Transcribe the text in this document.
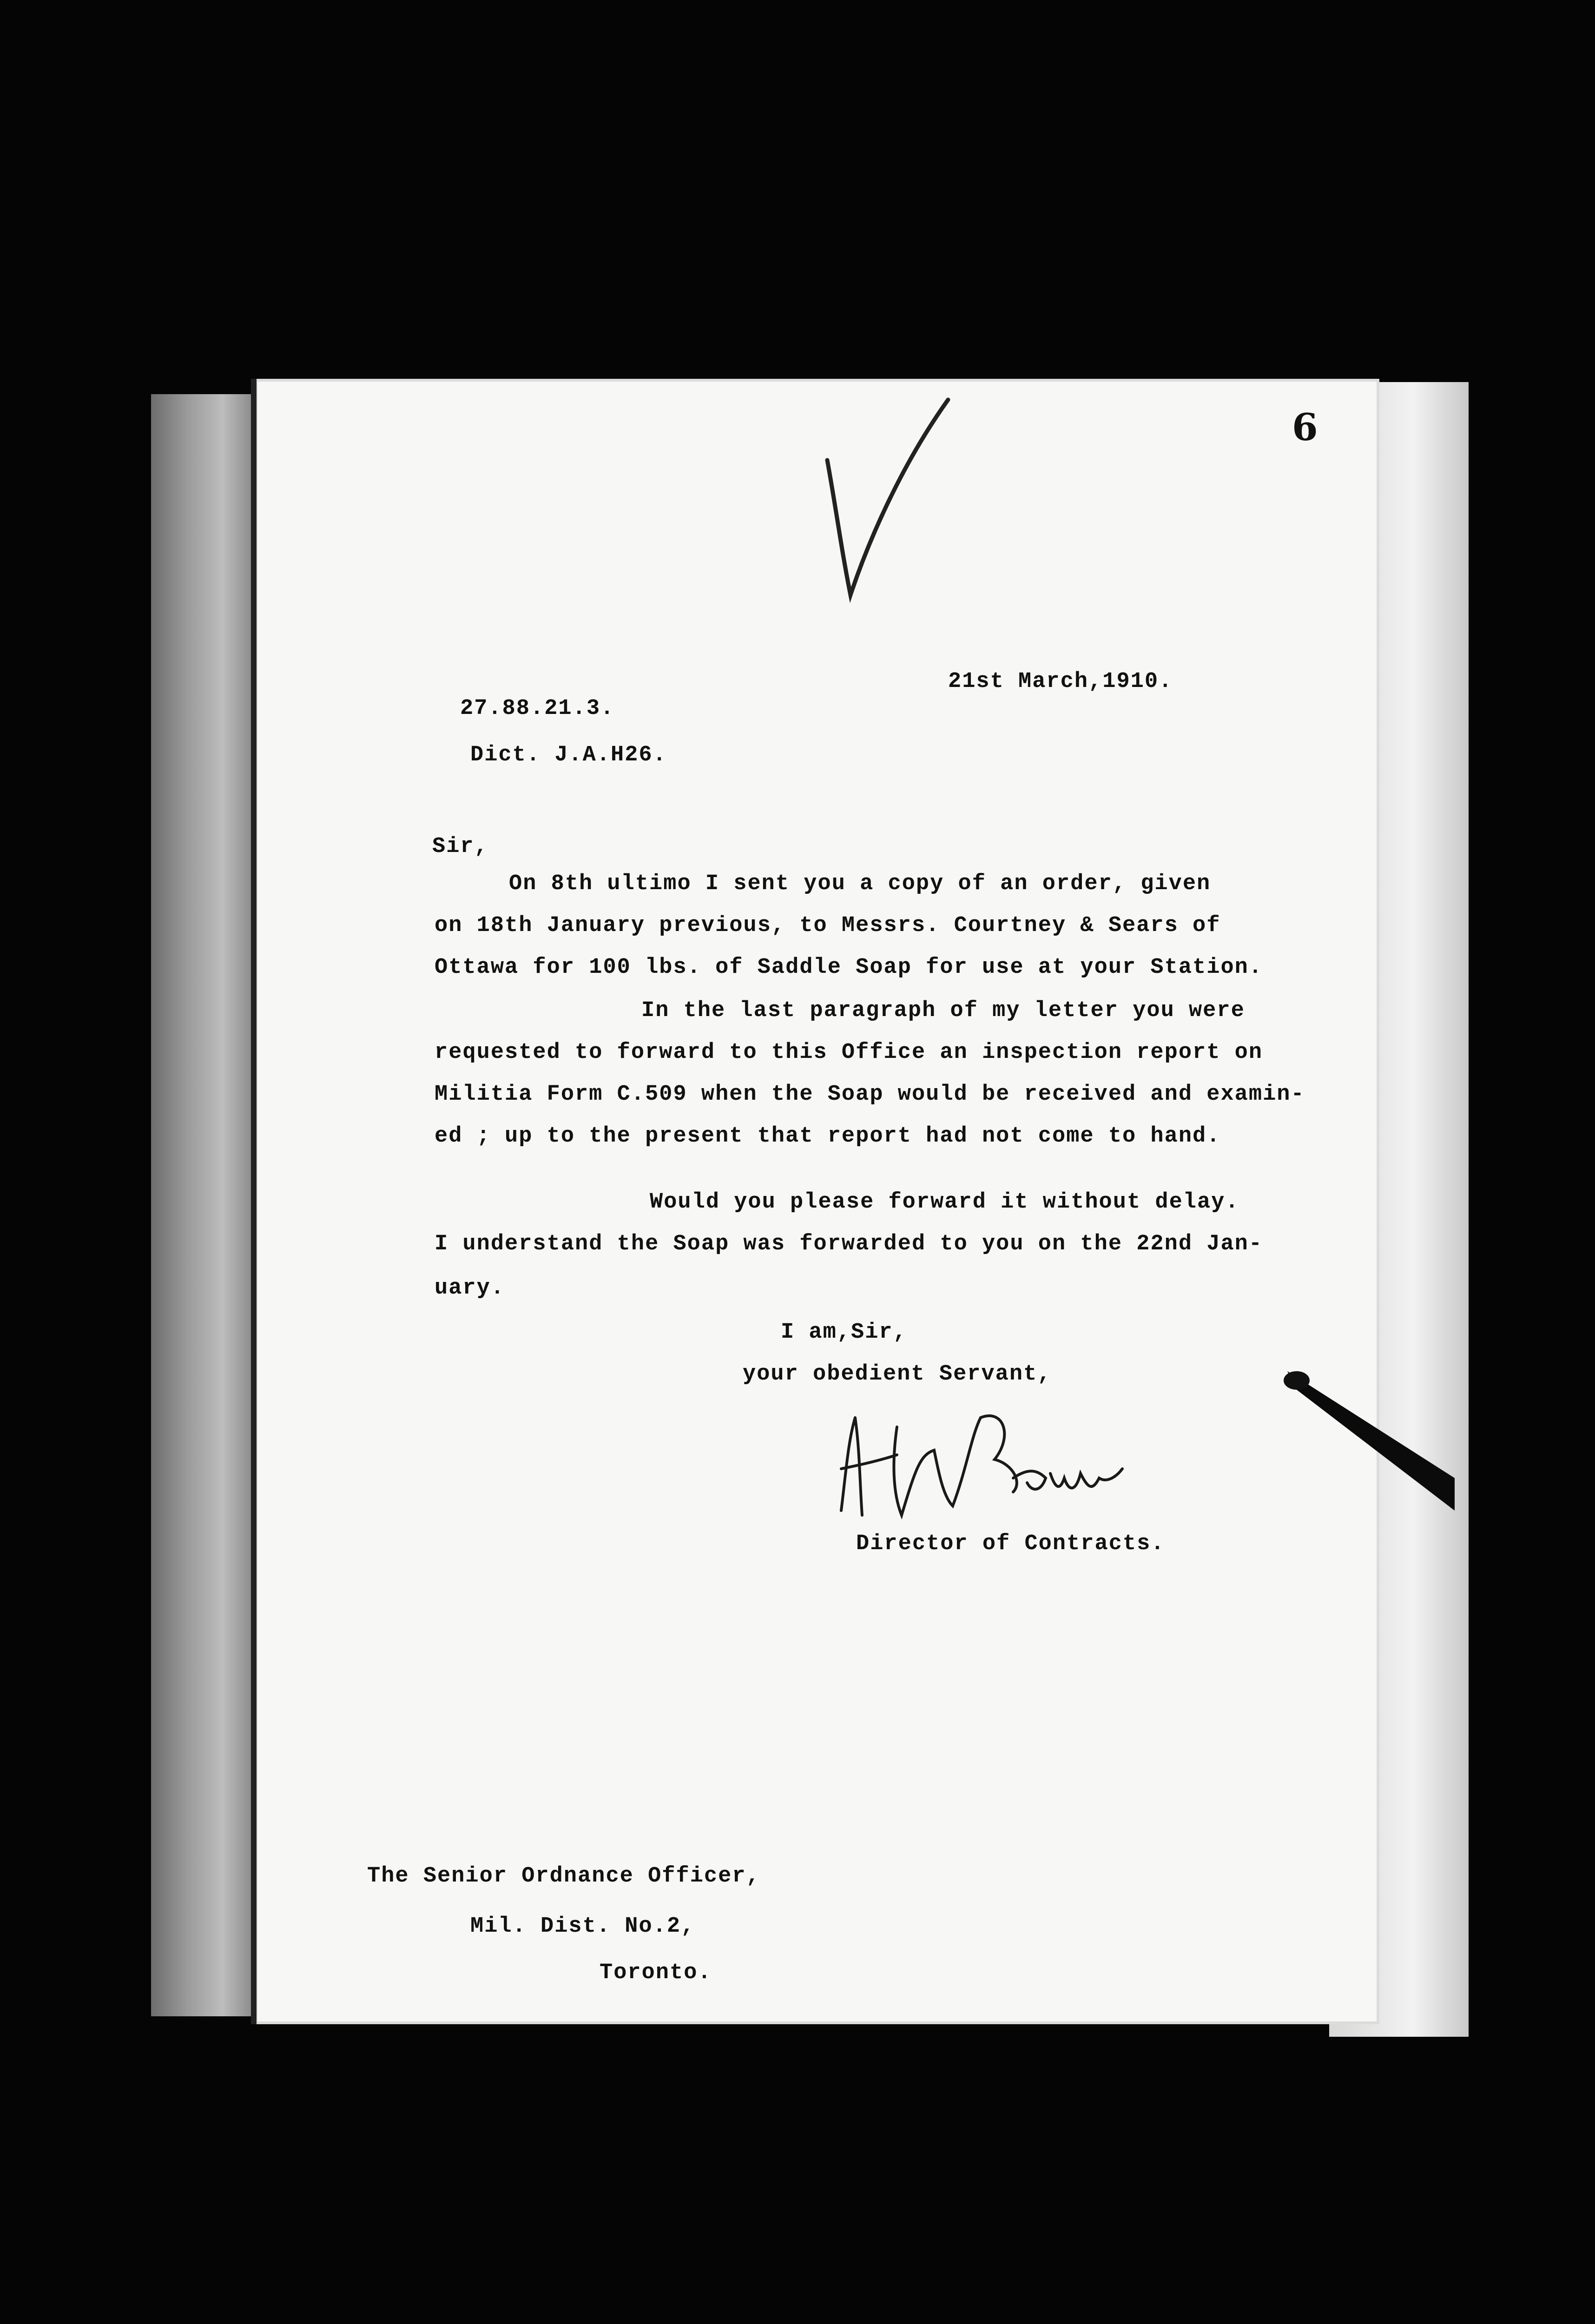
6
21st March,1910.
27.88.21.3.
Dict. J.A.H26.
Sir,
On 8th ultimo I sent you a copy of an order, given
on 18th January previous, to Messrs. Courtney & Sears of
Ottawa for 100 lbs. of Saddle Soap for use at your Station.
In the last paragraph of my letter you were
requested to forward to this Office an inspection report on
Militia Form C.509 when the Soap would be received and examin-
ed ; up to the present that report had not come to hand.
Would you please forward it without delay.
I understand the Soap was forwarded to you on the 22nd Jan-
uary.
I am,Sir,
your obedient Servant,
Director of Contracts.
The Senior Ordnance Officer,
Mil. Dist. No.2,
Toronto.
